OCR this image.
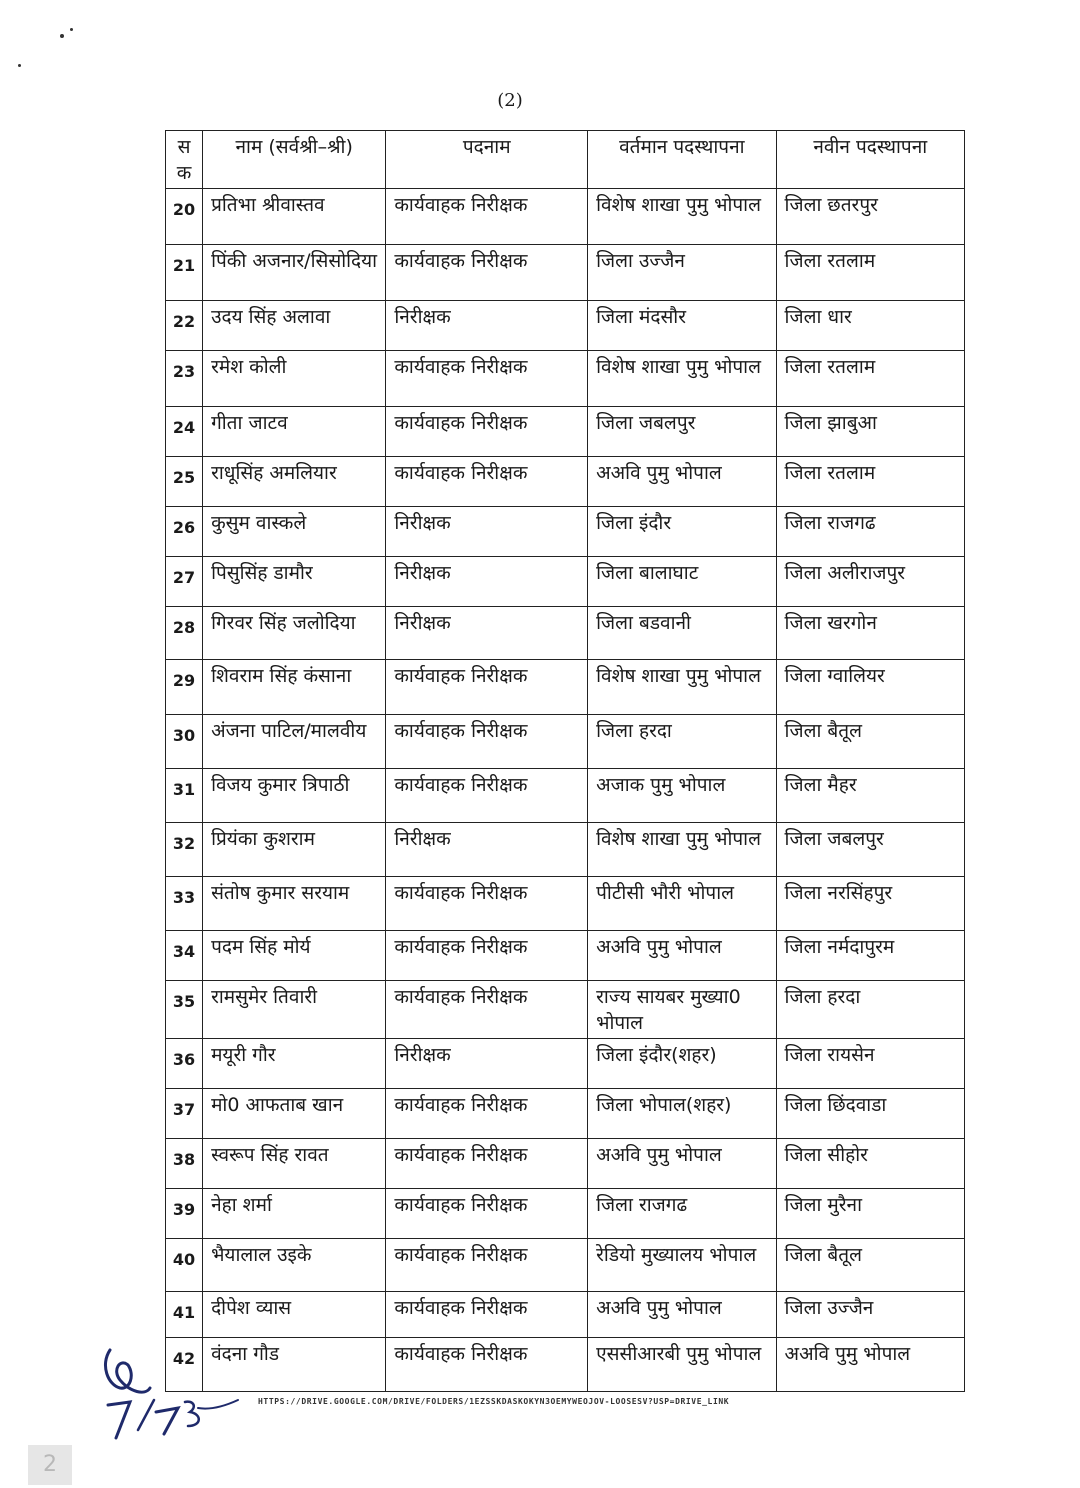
(2)
स क	नाम (सर्वश्री–श्री)	पदनाम	वर्तमान पदस्थापना	नवीन पदस्थापना
20	प्रतिभा श्रीवास्तव	कार्यवाहक निरीक्षक	विशेष शाखा पुमु भोपाल	जिला छतरपुर
21	पिंकी अजनार/सिसोदिया	कार्यवाहक निरीक्षक	जिला उज्जैन	जिला रतलाम
22	उदय सिंह अलावा	निरीक्षक	जिला मंदसौर	जिला धार
23	रमेश कोली	कार्यवाहक निरीक्षक	विशेष शाखा पुमु भोपाल	जिला रतलाम
24	गीता जाटव	कार्यवाहक निरीक्षक	जिला जबलपुर	जिला झाबुआ
25	राधूसिंह अमलियार	कार्यवाहक निरीक्षक	अअवि पुमु भोपाल	जिला रतलाम
26	कुसुम वास्कले	निरीक्षक	जिला इंदौर	जिला राजगढ
27	पिसुसिंह डामौर	निरीक्षक	जिला बालाघाट	जिला अलीराजपुर
28	गिरवर सिंह जलोदिया	निरीक्षक	जिला बडवानी	जिला खरगोन
29	शिवराम सिंह कंसाना	कार्यवाहक निरीक्षक	विशेष शाखा पुमु भोपाल	जिला ग्वालियर
30	अंजना पाटिल/मालवीय	कार्यवाहक निरीक्षक	जिला हरदा	जिला बैतूल
31	विजय कुमार त्रिपाठी	कार्यवाहक निरीक्षक	अजाक पुमु भोपाल	जिला मैहर
32	प्रियंका कुशराम	निरीक्षक	विशेष शाखा पुमु भोपाल	जिला जबलपुर
33	संतोष कुमार सरयाम	कार्यवाहक निरीक्षक	पीटीसी भौरी भोपाल	जिला नरसिंहपुर
34	पदम सिंह मोर्य	कार्यवाहक निरीक्षक	अअवि पुमु भोपाल	जिला नर्मदापुरम
35	रामसुमेर तिवारी	कार्यवाहक निरीक्षक	राज्य सायबर मुख्या0 भोपाल	जिला हरदा
36	मयूरी गौर	निरीक्षक	जिला इंदौर(शहर)	जिला रायसेन
37	मो0 आफताब खान	कार्यवाहक निरीक्षक	जिला भोपाल(शहर)	जिला छिंदवाडा
38	स्वरूप सिंह रावत	कार्यवाहक निरीक्षक	अअवि पुमु भोपाल	जिला सीहोर
39	नेहा शर्मा	कार्यवाहक निरीक्षक	जिला राजगढ	जिला मुरैना
40	भैयालाल उइके	कार्यवाहक निरीक्षक	रेडियो मुख्यालय भोपाल	जिला बैतूल
41	दीपेश व्यास	कार्यवाहक निरीक्षक	अअवि पुमु भोपाल	जिला उज्जैन
42	वंदना गौड	कार्यवाहक निरीक्षक	एससीआरबी पुमु भोपाल	अअवि पुमु भोपाल
HTTPS://DRIVE.GOOGLE.COM/DRIVE/FOLDERS/1EZSSKDASKOKYN3OEMYWEOJOV-LOOSESV?USP=DRIVE_LINK
2
